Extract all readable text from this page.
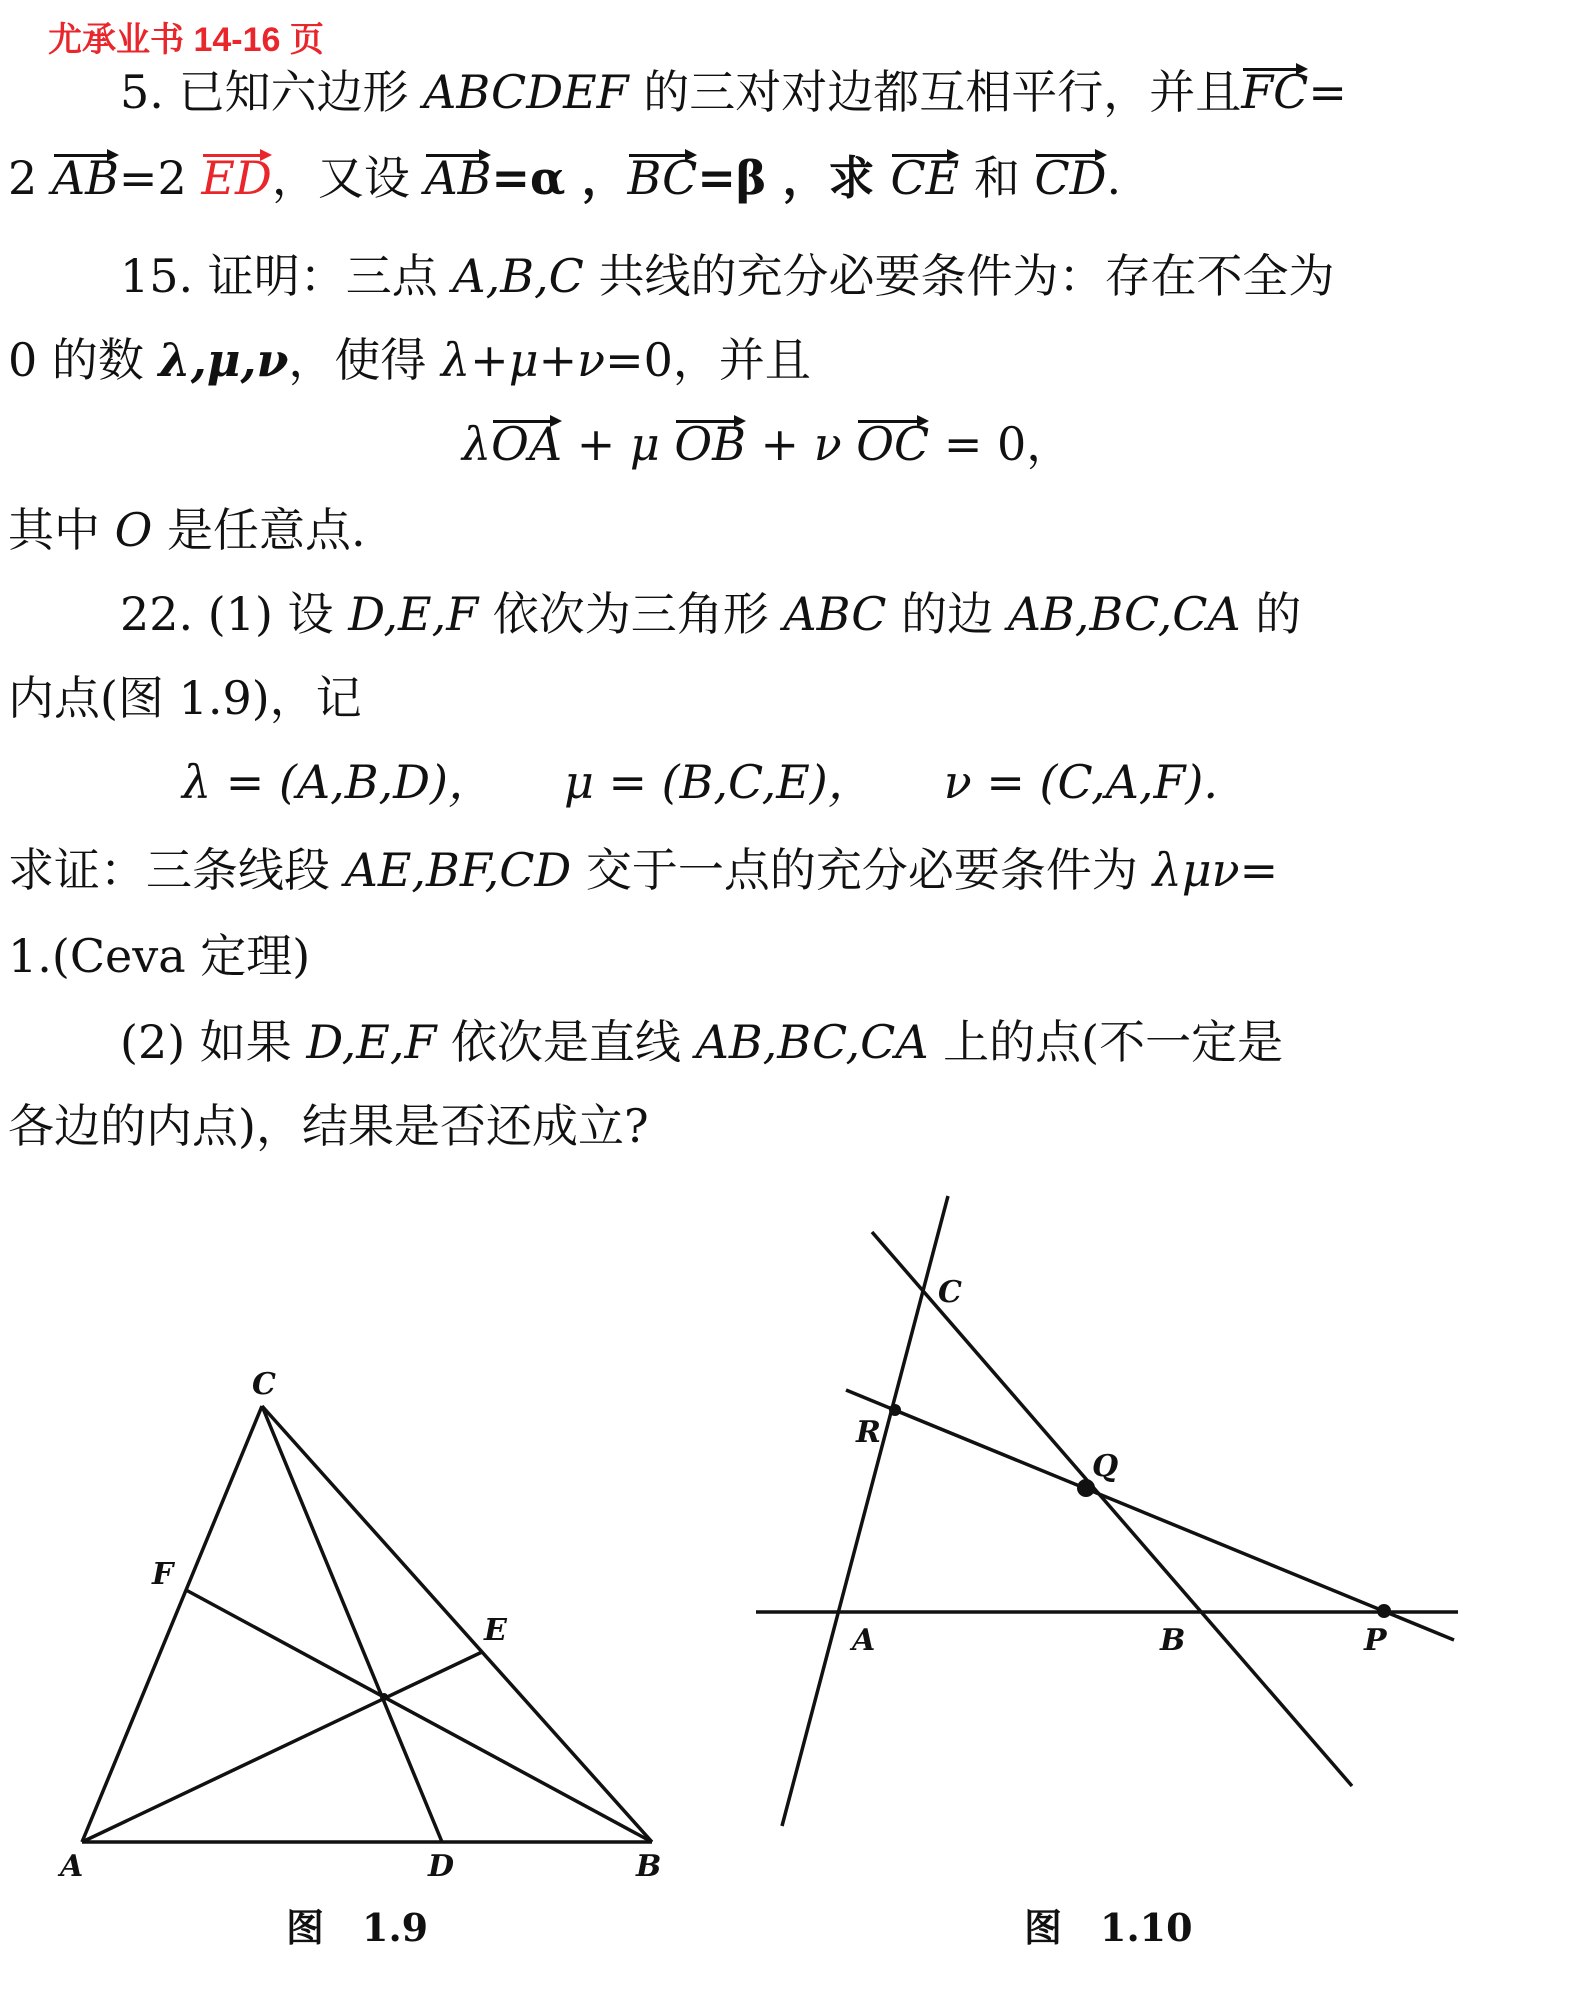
尤承业书 14-16 页
5. 已知六边形 ABCDEF 的三对对边都互相平行，并且FC=
2 AB=2 ED，又设 AB=α ，BC=β ，求 CE 和 CD.
15. 证明：三点 A,B,C 共线的充分必要条件为：存在不全为
0 的数 λ,μ,ν，使得 λ+μ+ν=0，并且
λOA + μ OB + ν OC = 0，
其中 O 是任意点.
22. (1) 设 D,E,F 依次为三角形 ABC 的边 AB,BC,CA 的
内点(图 1.9)，记
λ = (A,B,D)， μ = (B,C,E)， ν = (C,A,F).
求证：三条线段 AE,BF,CD 交于一点的充分必要条件为 λμν=
1.(Ceva 定理)
(2) 如果 D,E,F 依次是直线 AB,BC,CA 上的点(不一定是
各边的内点)，结果是否还成立?
C
F
E
A	D	B
C
R
Q
A	B	P
图　1.9	图　1.10
